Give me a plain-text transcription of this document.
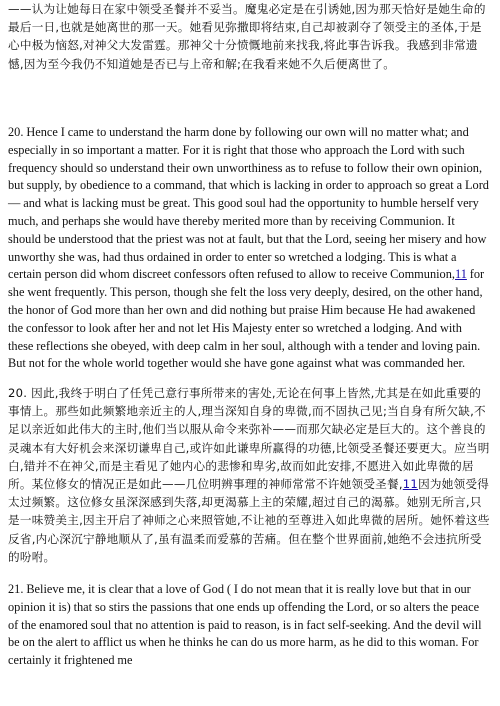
——认为让她每日在家中领受圣餐并不妥当。魔鬼必定是在引诱她,因为那天恰好是她生命的最后一日,也就是她离世的那一天。她看见弥撒即将结束,自己却被剥夺了领受主的圣体,于是心中极为恼怒,对神父大发雷霆。那神父十分愤慨地前来找我,将此事告诉我。我感到非常遗憾,因为至今我仍不知道她是否已与上帝和解;在我看来她不久后便离世了。

20. Hence I came to understand the harm done by following our own will no matter what; and especially in so important a matter. For it is right that those who approach the Lord with such frequency should so understand their own unworthiness as to refuse to follow their own opinion, but supply, by obedience to a command, that which is lacking in order to approach so great a Lord — and what is lacking must be great. This good soul had the opportunity to humble herself very much, and perhaps she would have thereby merited more than by receiving Communion. It should be understood that the priest was not at fault, but that the Lord, seeing her misery and how unworthy she was, had thus ordained in order to enter so wretched a lodging. This is what a certain person did whom discreet confessors often refused to allow to receive Communion,11 for she went frequently. This person, though she felt the loss very deeply, desired, on the other hand, the honor of God more than her own and did nothing but praise Him because He had awakened the confessor to look after her and not let His Majesty enter so wretched a lodging. And with these reflections she obeyed, with deep calm in her soul, although with a tender and loving pain. But not for the whole world together would she have gone against what was commanded her.

20. 因此,我终于明白了任凭己意行事所带来的害处,无论在何事上皆然,尤其是在如此重要的事情上。那些如此频繁地亲近主的人,理当深知自身的卑微,而不固执己见;当自身有所欠缺,不足以亲近如此伟大的主时,他们当以服从命令来弥补——而那欠缺必定是巨大的。这个善良的灵魂本有大好机会来深切谦卑自己,或许如此谦卑所赢得的功德,比领受圣餐还要更大。应当明白,错并不在神父,而是主看见了她内心的悲惨和卑劣,故而如此安排,不愿进入如此卑微的居所。某位修女的情况正是如此——几位明辨事理的神师常常不许她领受圣餐,11因为她领受得太过频繁。这位修女虽深深感到失落,却更渴慕上主的荣耀,超过自己的渴慕。她别无所言,只是一味赞美主,因主开启了神师之心来照管她,不让祂的至尊进入如此卑微的居所。她怀着这些反省,内心深沉宁静地顺从了,虽有温柔而爱慕的苦痛。但在整个世界面前,她绝不会违抗所受的吩咐。

21. Believe me, it is clear that a love of God ( I do not mean that it is really love but that in our opinion it is) that so stirs the passions that one ends up offending the Lord, or so alters the peace of the enamored soul that no attention is paid to reason, is in fact self-seeking. And the devil will be on the alert to afflict us when he thinks he can do us more harm, as he did to this woman. For certainly it frightened me
